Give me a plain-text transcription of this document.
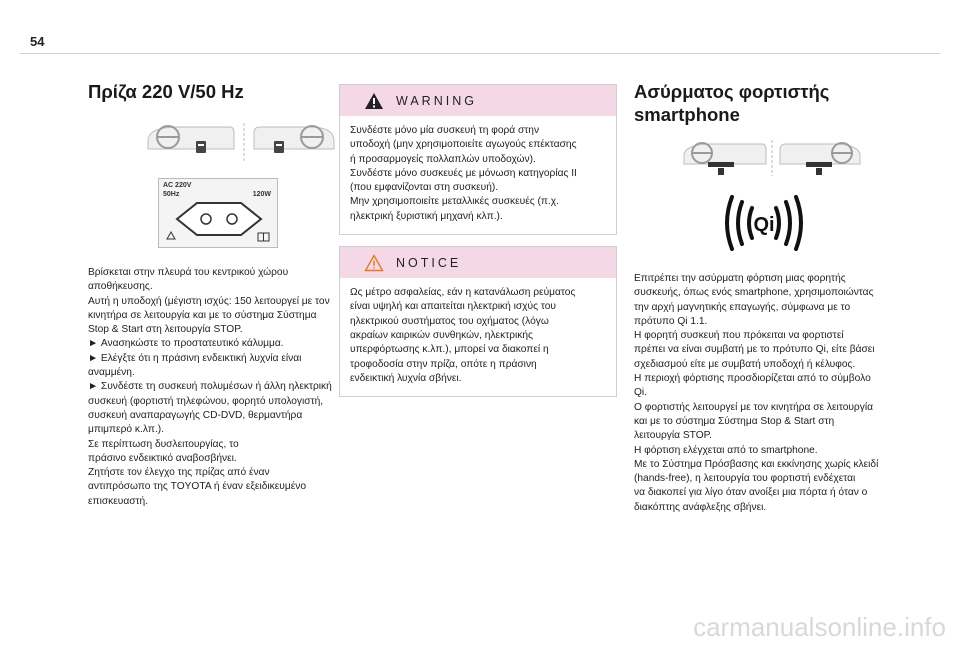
54
Πρίζα 220 V/50 Hz
AC 220V
50Hz	120W
Βρίσκεται στην πλευρά του κεντρικού χώρου
αποθήκευσης.
Αυτή η υποδοχή (μέγιστη ισχύς: 150 λειτουργεί με τον
κινητήρα σε λειτουργία και με το σύστημα Σύστημα
Stop & Start στη λειτουργία STOP.
► Ανασηκώστε το προστατευτικό κάλυμμα.
► Ελέγξτε ότι η πράσινη ενδεικτική λυχνία είναι
αναμμένη.
► Συνδέστε τη συσκευή πολυμέσων ή άλλη ηλεκτρική
συσκευή (φορτιστή τηλεφώνου, φορητό υπολογιστή,
συσκευή αναπαραγωγής CD-DVD, θερμαντήρα
μπιμπερό κ.λπ.).
Σε περίπτωση δυσλειτουργίας, το
πράσινο ενδεικτικό αναβοσβήνει.
Ζητήστε τον έλεγχο της πρίζας από έναν
αντιπρόσωπο της TOYOTA ή έναν εξειδικευμένο
επισκευαστή.
WARNING
Συνδέστε μόνο μία συσκευή τη φορά στην
υποδοχή (μην χρησιμοποιείτε αγωγούς επέκτασης
ή προσαρμογείς πολλαπλών υποδοχών).
Συνδέστε μόνο συσκευές με μόνωση κατηγορίας II
(που εμφανίζονται στη συσκευή).
Μην χρησιμοποιείτε μεταλλικές συσκευές (π.χ.
ηλεκτρική ξυριστική μηχανή κλπ.).
NOTICE
Ως μέτρο ασφαλείας, εάν η κατανάλωση ρεύματος
είναι υψηλή και απαιτείται ηλεκτρική ισχύς του
ηλεκτρικού συστήματος του οχήματος (λόγω
ακραίων καιρικών συνθηκών, ηλεκτρικής
υπερφόρτωσης κ.λπ.), μπορεί να διακοπεί η
τροφοδοσία στην πρίζα, οπότε η πράσινη
ενδεικτική λυχνία σβήνει.
Ασύρματος φορτιστής
smartphone
Qi
Επιτρέπει την ασύρματη φόρτιση μιας φορητής
συσκευής, όπως ενός smartphone, χρησιμοποιώντας
την αρχή μαγνητικής επαγωγής, σύμφωνα με το
πρότυπο Qi 1.1.
Η φορητή συσκευή που πρόκειται να φορτιστεί
πρέπει να είναι συμβατή με το πρότυπο Qi, είτε βάσει
σχεδιασμού είτε με συμβατή υποδοχή ή κέλυφος.
Η περιοχή φόρτισης προσδιορίζεται από το σύμβολο
Qi.
Ο φορτιστής λειτουργεί με τον κινητήρα σε λειτουργία
και με το σύστημα Σύστημα Stop & Start στη
λειτουργία STOP.
Η φόρτιση ελέγχεται από το smartphone.
Με το Σύστημα Πρόσβασης και εκκίνησης χωρίς κλειδί
(hands-free), η λειτουργία του φορτιστή ενδέχεται
να διακοπεί για λίγο όταν ανοίξει μια πόρτα ή όταν ο
διακόπτης ανάφλεξης σβήνει.
carmanualsonline.info
